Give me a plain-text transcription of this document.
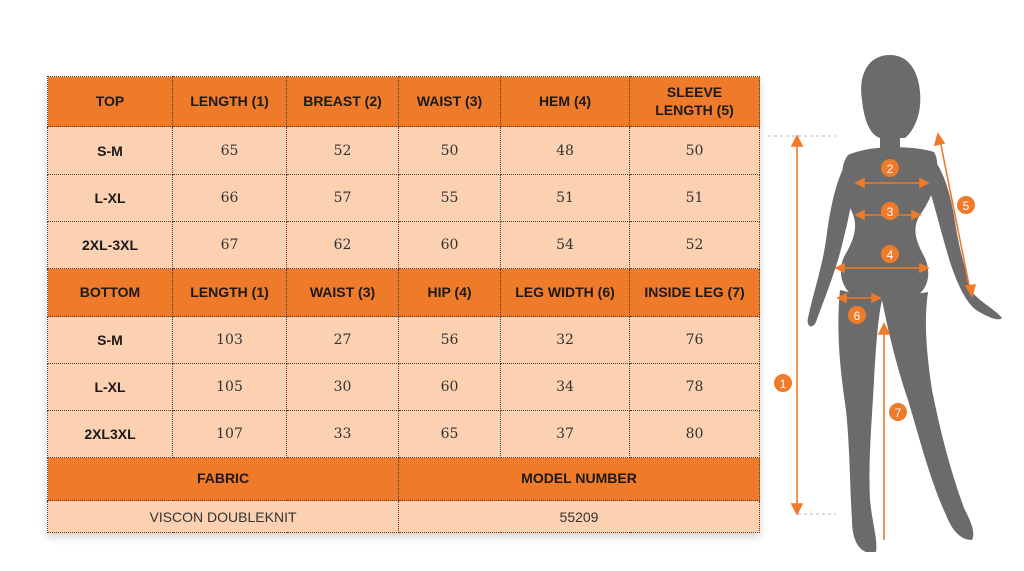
TOP	LENGTH (1)	BREAST (2)	WAIST (3)	HEM (4)	SLEEVE
LENGTH (5)
S-M	65	52	50	48	50
L-XL	66	57	55	51	51
2XL-3XL	67	62	60	54	52
BOTTOM	LENGTH (1)	WAIST (3)	HIP (4)	LEG WIDTH (6)	INSIDE LEG (7)
S-M	103	27	56	32	76
L-XL	105	30	60	34	78
2XL3XL	107	33	65	37	80
FABRIC			MODEL NUMBER		
VISCON DOUBLEKNIT			55209		
1
2
3
4
5
6
7
